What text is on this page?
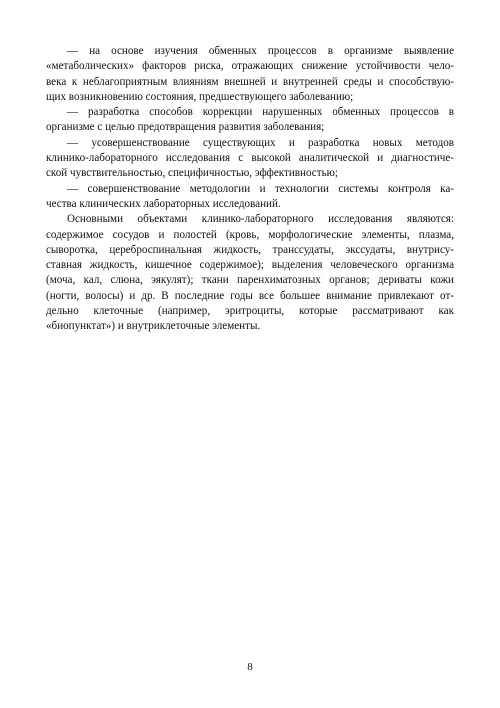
— на основе изучения обменных процессов в организме выявление
«метаболических» факторов риска, отражающих снижение устойчивости чело-
века к неблагоприятным влияниям внешней и внутренней среды и способствую-
щих возникновению состояния, предшествующего заболеванию;
— разработка способов коррекции нарушенных обменных процессов в
организме с целью предотвращения развития заболевания;
— усовершенствование существующих и разработка новых методов
клинико-лабораторного исследования с высокой аналитической и диагностиче-
ской чувствительностью, специфичностью, эффективностью;
— совершенствование методологии и технологии системы контроля ка-
чества клинических лабораторных исследований.
Основными объектами клинико-лабораторного исследования являются:
содержимое сосудов и полостей (кровь, морфологические элементы, плазма,
сыворотка, цереброспинальная жидкость, транссудаты, экссудаты, внутрису-
ставная жидкость, кишечное содержимое); выделения человеческого организма
(моча, кал, слюна, эякулят); ткани паренхиматозных органов; дериваты кожи
(ногти, волосы) и др. В последние годы все большее внимание привлекают от-
дельно клеточные (например, эритроциты, которые рассматривают как
«биопунктат») и внутриклеточные элементы.
8
